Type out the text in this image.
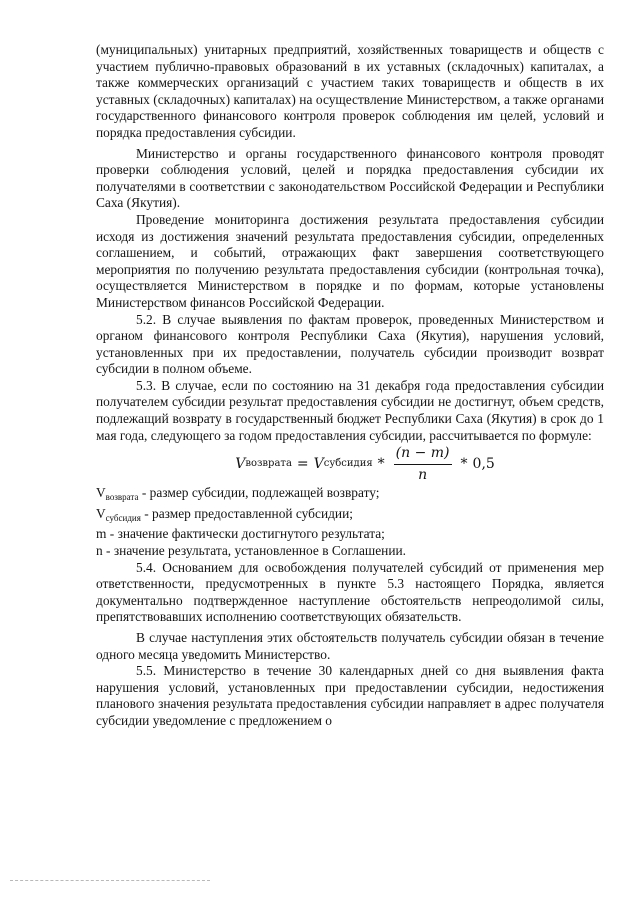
(муниципальных) унитарных предприятий, хозяйственных товариществ и обществ с участием публично-правовых образований в их уставных (складочных) капиталах, а также коммерческих организаций с участием таких товариществ и обществ в их уставных (складочных) капиталах) на осуществление Министерством, а также органами государственного финансового контроля проверок соблюдения им целей, условий и порядка предоставления субсидии.

Министерство и органы государственного финансового контроля проводят проверки соблюдения условий, целей и порядка предоставления субсидии их получателями в соответствии с законодательством Российской Федерации и Республики Саха (Якутия).

Проведение мониторинга достижения результата предоставления субсидии исходя из достижения значений результата предоставления субсидии, определенных соглашением, и событий, отражающих факт завершения соответствующего мероприятия по получению результата предоставления субсидии (контрольная точка), осуществляется Министерством в порядке и по формам, которые установлены Министерством финансов Российской Федерации.

5.2. В случае выявления по фактам проверок, проведенных Министерством и органом финансового контроля Республики Саха (Якутия), нарушения условий, установленных при их предоставлении, получатель субсидии производит возврат субсидии в полном объеме.

5.3. В случае, если по состоянию на 31 декабря года предоставления субсидии получателем субсидии результат предоставления субсидии не достигнут, объем средств, подлежащий возврату в государственный бюджет Республики Саха (Якутия) в срок до 1 мая года, следующего за годом предоставления субсидии, рассчитывается по формуле:

V возврата = V субсидия * $\frac{(n - m)}{n} * 0,5$

$V_{возврата}$ - размер субсидии, подлежащей возврату;

$V_{субсидия}$ - размер предоставленной субсидии;

m - значение фактически достигнутого результата;

n - значение результата, установленное в Соглашении.

5.4. Основанием для освобождения получателей субсидий от применения мер ответственности, предусмотренных в пункте 5.3 настоящего Порядка, является документально подтвержденное наступление обстоятельств непреодолимой силы, препятствовавших исполнению соответствующих обязательств.

В случае наступления этих обстоятельств получатель субсидии обязан в течение одного месяца уведомить Министерство.

5.5. Министерство в течение 30 календарных дней со дня выявления факта нарушения условий, установленных при предоставлении субсидии, недостижения планового значения результата предоставления субсидии направляет в адрес получателя субсидии уведомление с предложением о
